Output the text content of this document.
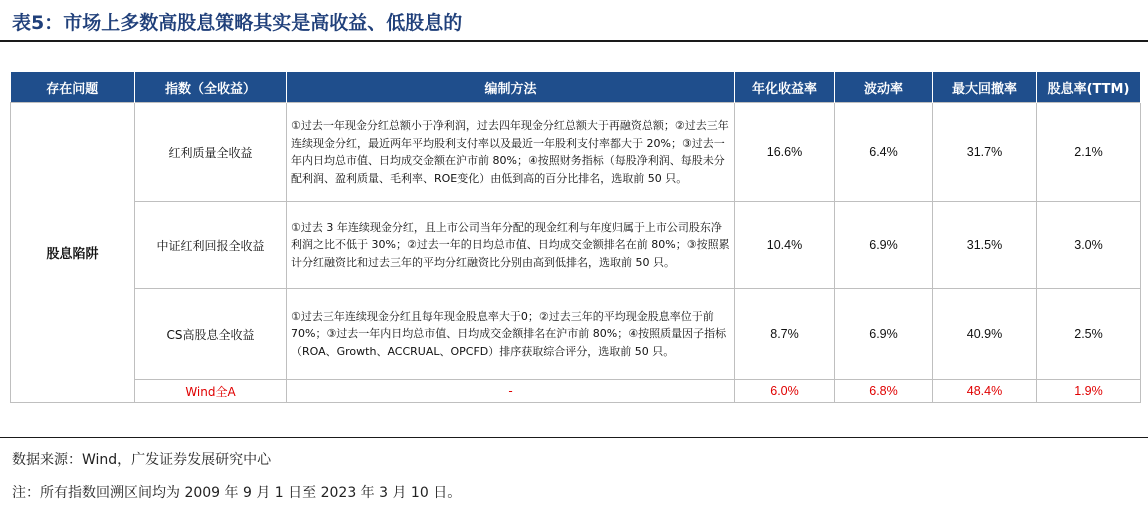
表5：市场上多数高股息策略其实是高收益、低股息的
存在问题	指数（全收益）	编制方法	年化收益率	波动率	最大回撤率	股息率(TTM)
股息陷阱	红利质量全收益	①过去一年现金分红总额小于净利润，过去四年现金分红总额大于再融资总额；②过去三年连续现金分红，最近两年平均股利支付率以及最近一年股利支付率都大于 20%；③过去一年内日均总市值、日均成交金额在沪市前 80%；④按照财务指标（每股净利润、每股未分配利润、盈利质量、毛利率、ROE变化）由低到高的百分比排名，选取前 50 只。	16.6%	6.4%	31.7%	2.1%
	中证红利回报全收益	①过去 3 年连续现金分红，且上市公司当年分配的现金红利与年度归属于上市公司股东净利润之比不低于 30%；②过去一年的日均总市值、日均成交金额排名在前 80%；③按照累计分红融资比和过去三年的平均分红融资比分别由高到低排名，选取前 50 只。	10.4%	6.9%	31.5%	3.0%
	CS高股息全收益	①过去三年连续现金分红且每年现金股息率大于0；②过去三年的平均现金股息率位于前70%；③过去一年内日均总市值、日均成交金额排名在沪市前 80%；④按照质量因子指标（ROA、Growth、ACCRUAL、OPCFD）排序获取综合评分，选取前 50 只。	8.7%	6.9%	40.9%	2.5%
	Wind全A	-	6.0%	6.8%	48.4%	1.9%
数据来源：Wind，广发证券发展研究中心
注：所有指数回溯区间均为 2009 年 9 月 1 日至 2023 年 3 月 10 日。
